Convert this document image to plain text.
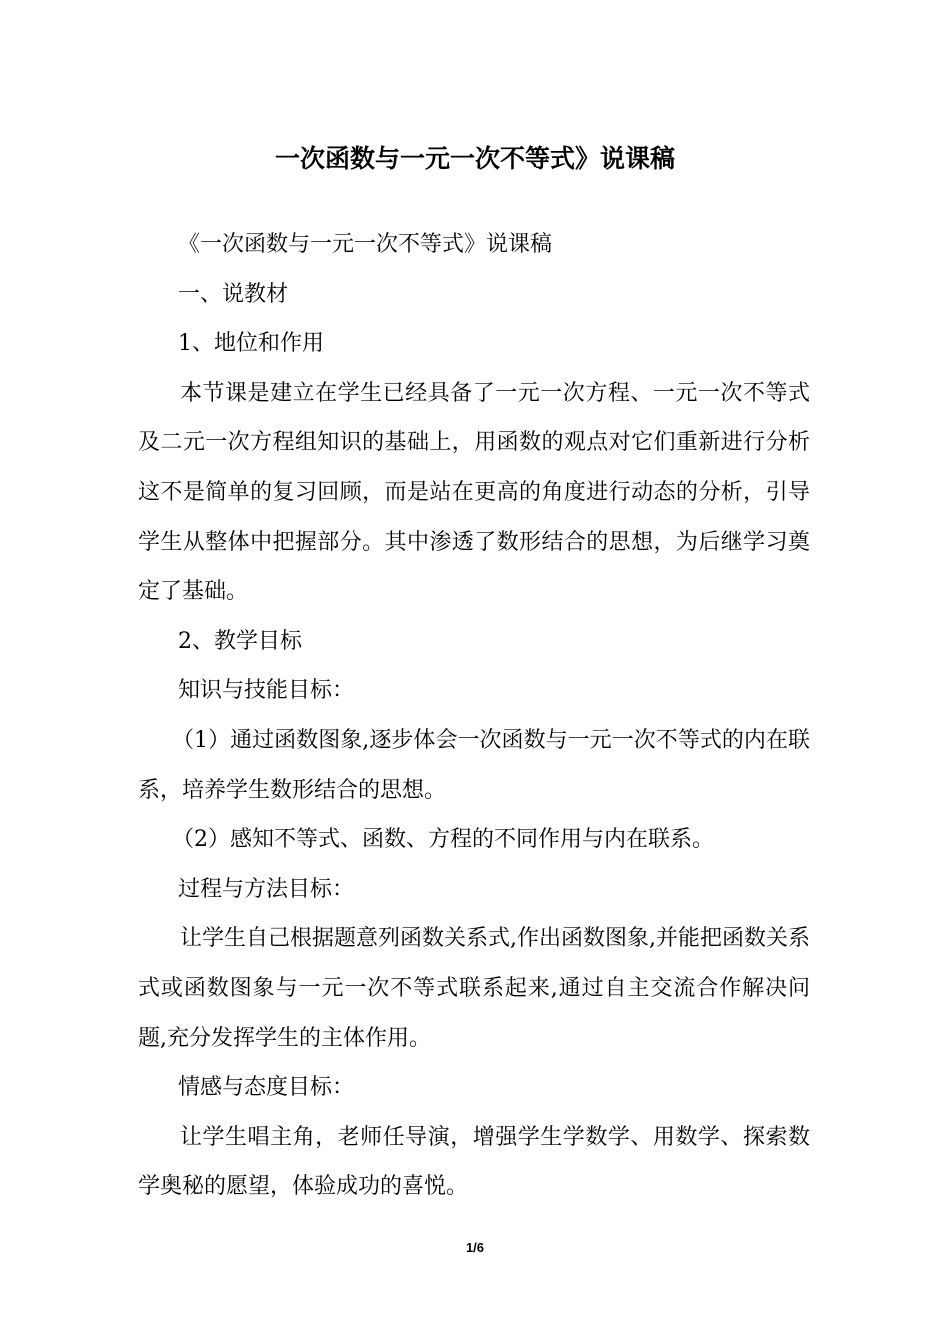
一次函数与一元一次不等式》说课稿

《一次函数与一元一次不等式》说课稿

一、说教材

1、地位和作用

本节课是建立在学生已经具备了一元一次方程、一元一次不等式及二元一次方程组知识的基础上，用函数的观点对它们重新进行分析这不是简单的复习回顾，而是站在更高的角度进行动态的分析，引导学生从整体中把握部分。其中渗透了数形结合的思想，为后继学习奠定了基础。

2、教学目标

知识与技能目标：

（1）通过函数图象,逐步体会一次函数与一元一次不等式的内在联系，培养学生数形结合的思想。

（2）感知不等式、函数、方程的不同作用与内在联系。

过程与方法目标：

让学生自己根据题意列函数关系式,作出函数图象,并能把函数关系式或函数图象与一元一次不等式联系起来,通过自主交流合作解决问题,充分发挥学生的主体作用。

情感与态度目标：

让学生唱主角，老师任导演，增强学生学数学、用数学、探索数学奥秘的愿望，体验成功的喜悦。

1/6
